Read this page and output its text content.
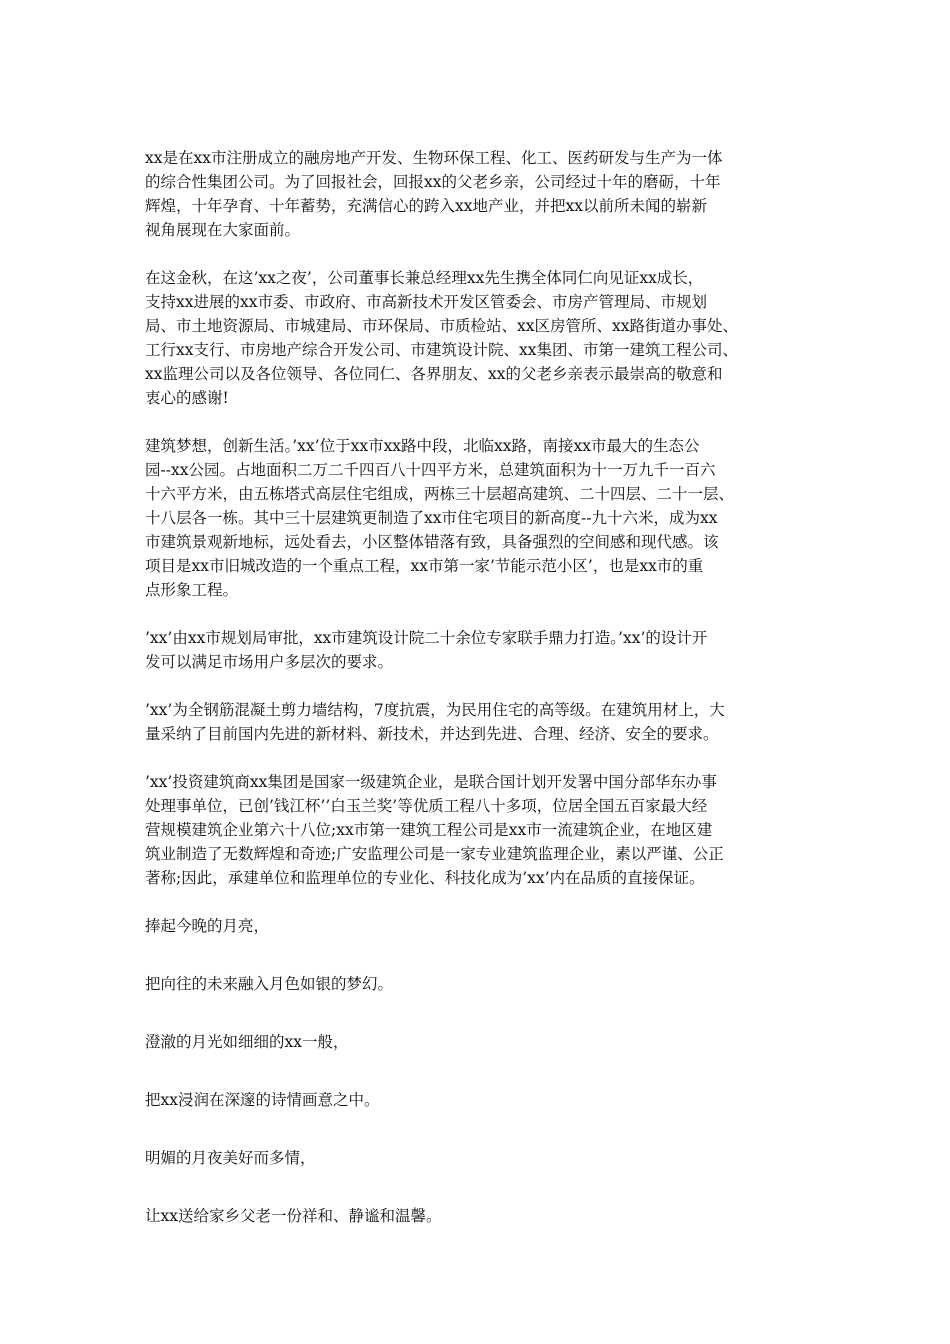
xx是在xx市注册成立的融房地产开发、生物环保工程、化工、医药研发与生产为一体
的综合性集团公司。为了回报社会，回报xx的父老乡亲，公司经过十年的磨砺，十年
辉煌，十年孕育、十年蓄势，充满信心的跨入xx地产业，并把xx以前所未闻的崭新
视角展现在大家面前。

在这金秋，在这’xx之夜’，公司董事长兼总经理xx先生携全体同仁向见证xx成长，
支持xx进展的xx市委、市政府、市高新技术开发区管委会、市房产管理局、市规划
局、市土地资源局、市城建局、市环保局、市质检站、xx区房管所、xx路街道办事处、
工行xx支行、市房地产综合开发公司、市建筑设计院、xx集团、市第一建筑工程公司、
xx监理公司以及各位领导、各位同仁、各界朋友、xx的父老乡亲表示最崇高的敬意和
衷心的感谢!

建筑梦想，创新生活。’xx’位于xx市xx路中段，北临xx路，南接xx市最大的生态公
园--xx公园。占地面积二万二千四百八十四平方米，总建筑面积为十一万九千一百六
十六平方米，由五栋塔式高层住宅组成，两栋三十层超高建筑、二十四层、二十一层、
十八层各一栋。其中三十层建筑更制造了xx市住宅项目的新高度--九十六米，成为xx
市建筑景观新地标，远处看去，小区整体错落有致，具备强烈的空间感和现代感。该
项目是xx市旧城改造的一个重点工程，xx市第一家’节能示范小区’，也是xx市的重
点形象工程。

’xx’由xx市规划局审批，xx市建筑设计院二十余位专家联手鼎力打造。’xx’的设计开
发可以满足市场用户多层次的要求。

’xx’为全钢筋混凝土剪力墙结构，7度抗震，为民用住宅的高等级。在建筑用材上，大
量采纳了目前国内先进的新材料、新技术，并达到先进、合理、经济、安全的要求。

’xx’投资建筑商xx集团是国家一级建筑企业，是联合国计划开发署中国分部华东办事
处理事单位，已创’钱江杯’’白玉兰奖’等优质工程八十多项，位居全国五百家最大经
营规模建筑企业第六十八位;xx市第一建筑工程公司是xx市一流建筑企业，在地区建
筑业制造了无数辉煌和奇迹;广安监理公司是一家专业建筑监理企业，素以严谨、公正
著称;因此，承建单位和监理单位的专业化、科技化成为’xx’内在品质的直接保证。

捧起今晚的月亮，

把向往的未来融入月色如银的梦幻。

澄澈的月光如细细的xx一般，

把xx浸润在深邃的诗情画意之中。

明媚的月夜美好而多情，

让xx送给家乡父老一份祥和、静谧和温馨。
